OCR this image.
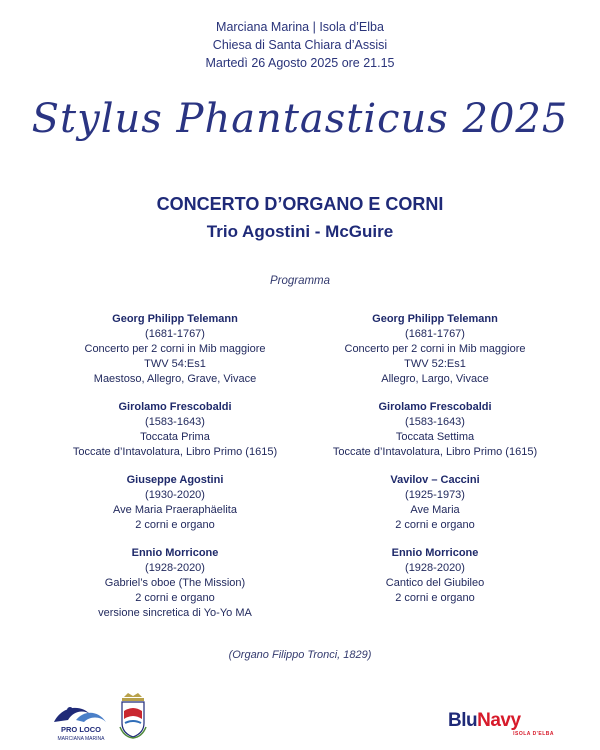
Marciana Marina | Isola d’Elba
Chiesa di Santa Chiara d’Assisi
Martedì 26 Agosto 2025 ore 21.15
Stylus Phantasticus 2025
CONCERTO D’ORGANO E CORNI
Trio Agostini - McGuire
Programma
Georg Philipp Telemann
(1681-1767)
Concerto per 2 corni in Mib maggiore
TWV 54:Es1
Maestoso, Allegro, Grave, Vivace
Girolamo Frescobaldi
(1583-1643)
Toccata Prima
Toccate d’Intavolatura, Libro Primo (1615)
Giuseppe Agostini
(1930-2020)
Ave Maria Praeraphäelita
2 corni e organo
Ennio Morricone
(1928-2020)
Gabriel’s oboe (The Mission)
2 corni e organo
versione sincretica di Yo-Yo MA
Georg Philipp Telemann
(1681-1767)
Concerto per 2 corni in Mib maggiore
TWV 52:Es1
Allegro, Largo, Vivace
Girolamo Frescobaldi
(1583-1643)
Toccata Settima
Toccate d’Intavolatura, Libro Primo (1615)
Vavilov – Caccini
(1925-1973)
Ave Maria
2 corni e organo
Ennio Morricone
(1928-2020)
Cantico del Giubileo
2 corni e organo
(Organo Filippo Tronci, 1829)
PRO LOCO
MARCIANA MARINA
BluNavy
ISOLA D'ELBA
